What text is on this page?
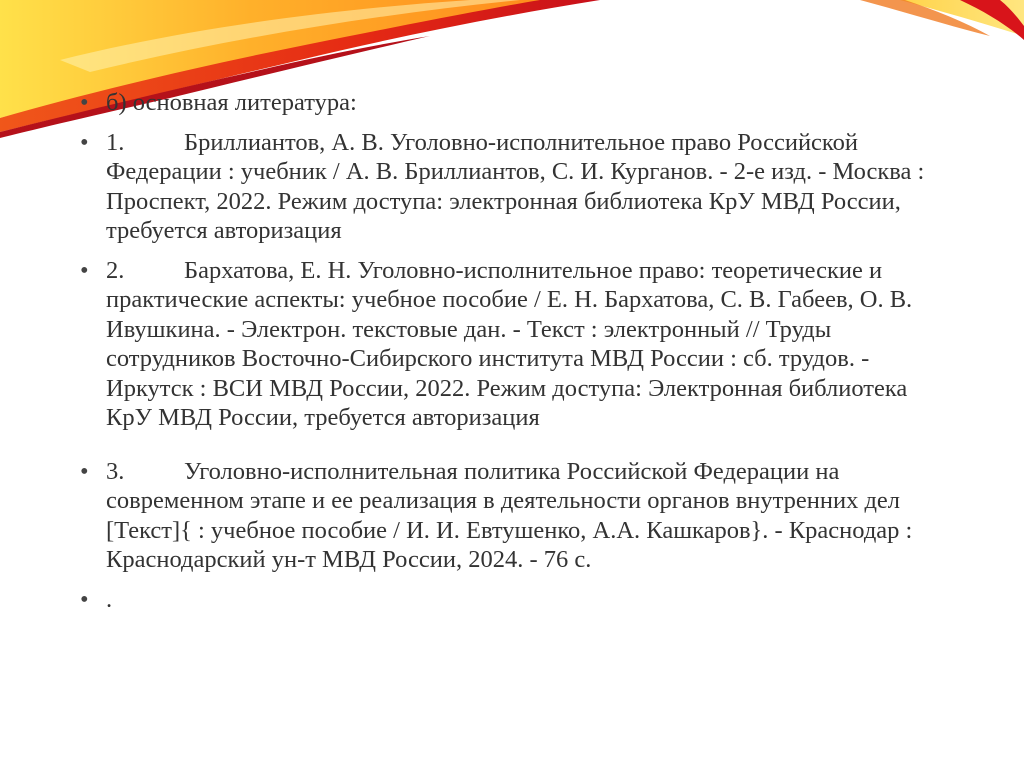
• б) основная литература:
• 1. Бриллиантов, А. В. Уголовно-исполнительное право Российской Федерации : учебник / А. В. Бриллиантов, С. И. Курганов. - 2-е изд. - Москва : Проспект, 2022. Режим доступа: электронная библиотека КрУ МВД России, требуется авторизация
• 2. Бархатова, Е. Н. Уголовно-исполнительное право: теоретические и практические аспекты: учебное пособие / Е. Н. Бархатова, С. В. Габеев, О. В. Ивушкина. - Электрон. текстовые дан. - Текст : электронный // Труды сотрудников Восточно-Сибирского института МВД России : сб. трудов. - Иркутск : ВСИ МВД России, 2022. Режим доступа: Электронная библиотека КрУ МВД России, требуется авторизация
• 3. Уголовно-исполнительная политика Российской Федерации на современном этапе и ее реализация в деятельности органов внутренних дел [Текст]{ : учебное пособие / И. И. Евтушенко, А.А. Кашкаров}. - Краснодар : Краснодарский ун-т МВД России, 2024. - 76 с.
• .
